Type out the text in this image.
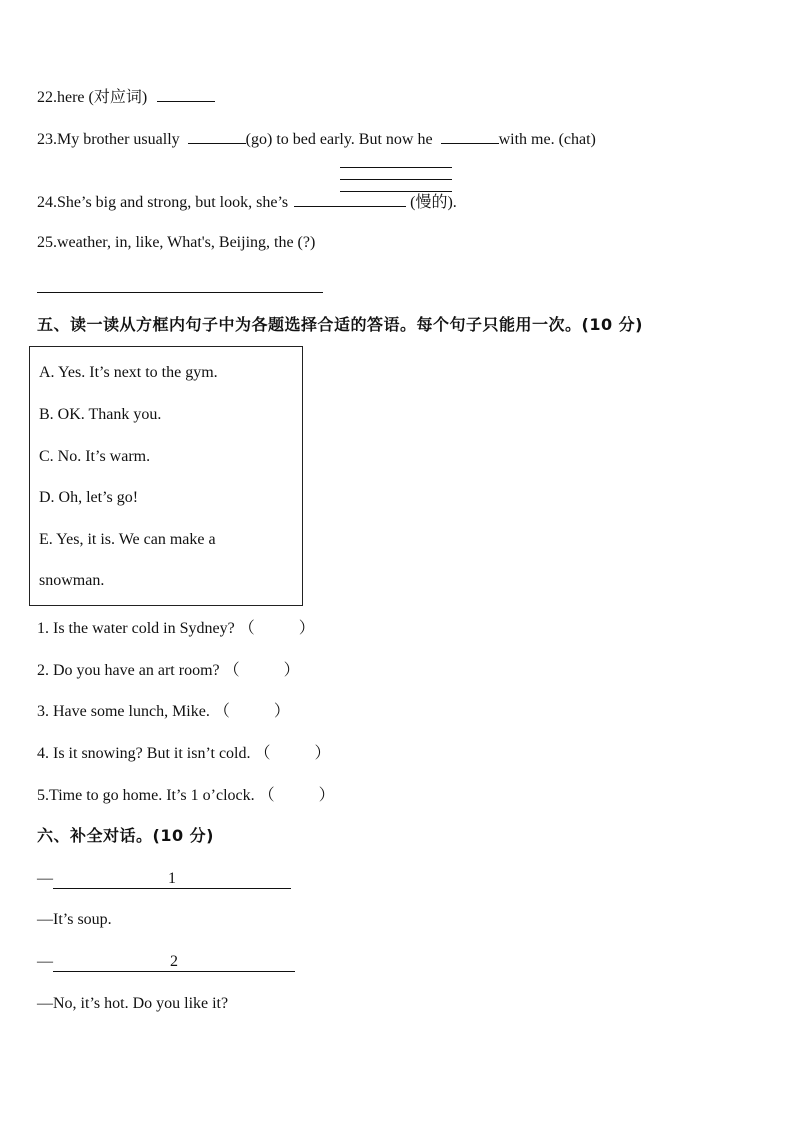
22.here (对应词)
23.My brother usually	(go) to bed early. But now he	with me. (chat)
24.She’s big and strong, but look, she’s	(慢的).
25.weather, in, like, What's, Beijing, the (?)
五、读一读从方框内句子中为各题选择合适的答语。每个句子只能用一次。(10 分)
A. Yes. It’s next to the gym.
B. OK. Thank you.
C. No. It’s warm.
D. Oh, let’s go!
E. Yes, it is. We can make a
snowman.
1. Is the water cold in Sydney? （	）
2. Do you have an art room? （	）
3. Have some lunch, Mike. （	）
4. Is it snowing? But it isn’t cold. （	）
5.Time to go home. It’s 1 o’clock. （	）
六、补全对话。(10 分)
—	1
—It’s soup.
—	2
—No, it’s hot. Do you like it?
